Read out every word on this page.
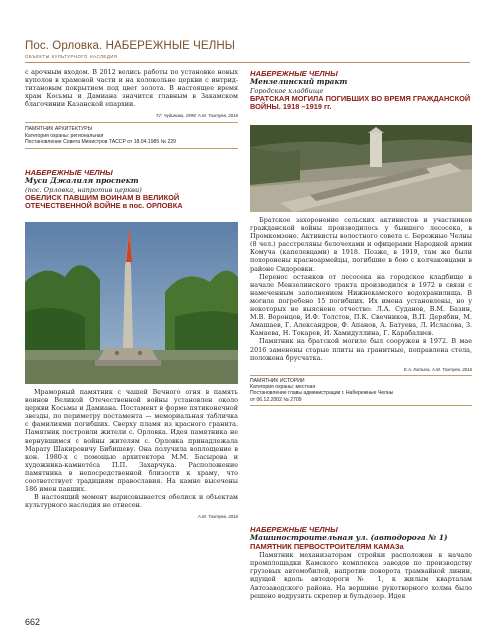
Пос. Орловка. НАБЕРЕЖНЫЕ ЧЕЛНЫ
ОБЪЕКТЫ КУЛЬТУРНОГО НАСЛЕДИЯ

с арочным входом. В 2012 велись работы по установке новых куполов в храмовой части и на колокольне церкви с интрид-титановым покрытием под цвет золота. В настоящее время храм Косьмы и Дамиана значится главным в Закамском благочинии Казанской епархии.

Т.Г. Чудинова, 1999; А.М. Тахтуев, 2016
ПАМЯТНИК АРХИТЕКТУРЫ
Категория охраны: региональная
Постановление Совета Министров ТАССР от 18.04.1985 № 229
НАБЕРЕЖНЫЕ ЧЕЛНЫ
Муси Джалиля проспект
(пос. Орловка, напротив церкви)
ОБЕЛИСК ПАВШИМ ВОИНАМ В ВЕЛИКОЙ ОТЕЧЕСТВЕННОЙ ВОЙНЕ в пос. ОРЛОВКА

Мраморный памятник с чашей Вечного огня в память воинов Великой Отечественной войны установлен около церкви Косьмы и Дамиана. Постамент в форме пятиконечной звезды, по периметру постамента — мемориальная табличка с фамилиями погибших. Сверху пламя из красного гранита. Памятник построили жители с. Орловка. Идея памятника не вернувшимся с войны жителям с. Орловка принадлежала Марату Шакировичу Бибишеву. Она получила воплощение в кон. 1980-х с помощью архитектора М.М. Басырова и художника-камнетёса П.П. Захарчука. Расположение памятника в непосредственной близости к храму, что соответствует традициям православия. На камне высечены 186 имен павших.

В настоящий момент вырисовывается обелиск и объектам культурного наследия не отнесен.

А.М. Тахтуев, 2016
662
НАБЕРЕЖНЫЕ ЧЕЛНЫ
Мензелинский тракт
Городское кладбище
БРАТСКАЯ МОГИЛА ПОГИБШИХ ВО ВРЕМЯ ГРАЖДАНСКОЙ ВОЙНЫ. 1918 –1919 гг.

Братское захоронение сельских активистов и участников гражданской войны производилось у бывшего лесосека, в Промкомзоне. Активисты волостного совета с. Бережные Челны (8 чел.) расстреляны белочехами и офицерами Народной армии Комуча (капелевцами) в 1918. Позже, в 1919, там же были похоронены красноармейцы, погибшие в бою с колчаковцами в районе Сидоровки.

Перенос останков от лесосека на городское кладбище в начале Мензелинского тракта производился в 1972 в связи с намеченным заполнением Нижнекамского водохранилища. В могиле погребено 15 погибших. Их имена установлены, но у некоторых не выяснено отчество: Л.А. Суданов, В.М. Базин, М.В. Воронцов, И.Ф. Толстов, П.К. Свечников, В.П. Дерябин, М. Амашаев, Г. Александров, Ф. Апанов, А. Батуева, Л. Исласова, З. Камаева, Н. Токарев, И. Хамидуллина, Г. Карабалиев.

Памятник на братской могиле был сооружен в 1972. В мае 2016 заменены старые плиты на гранитные, поправлена стела, положена брусчатка.

Е.А. Катина, А.М. Тахтуев, 2016
ПАМЯТНИК ИСТОРИИ
Категория охраны: местная
Постановление главы администрации г. Набережные Челны
от 06.12.2002 № 2709
НАБЕРЕЖНЫЕ ЧЕЛНЫ
Машиностроительная ул. (автодорога № 1)
ПАМЯТНИК ПЕРВОСТРОИТЕЛЯМ КАМАЗа

Памятник механизаторам стройки расположен в начале промплощадки Камского комплекса заводов по производству грузовых автомобилей, напротив поворота трамвайной линии, идущей вдоль автодороги № 1, к жилым кварталам Автозаводского района. На вершине рукотворного холма было решено водрузить скрепер и бульдозер. Идея
